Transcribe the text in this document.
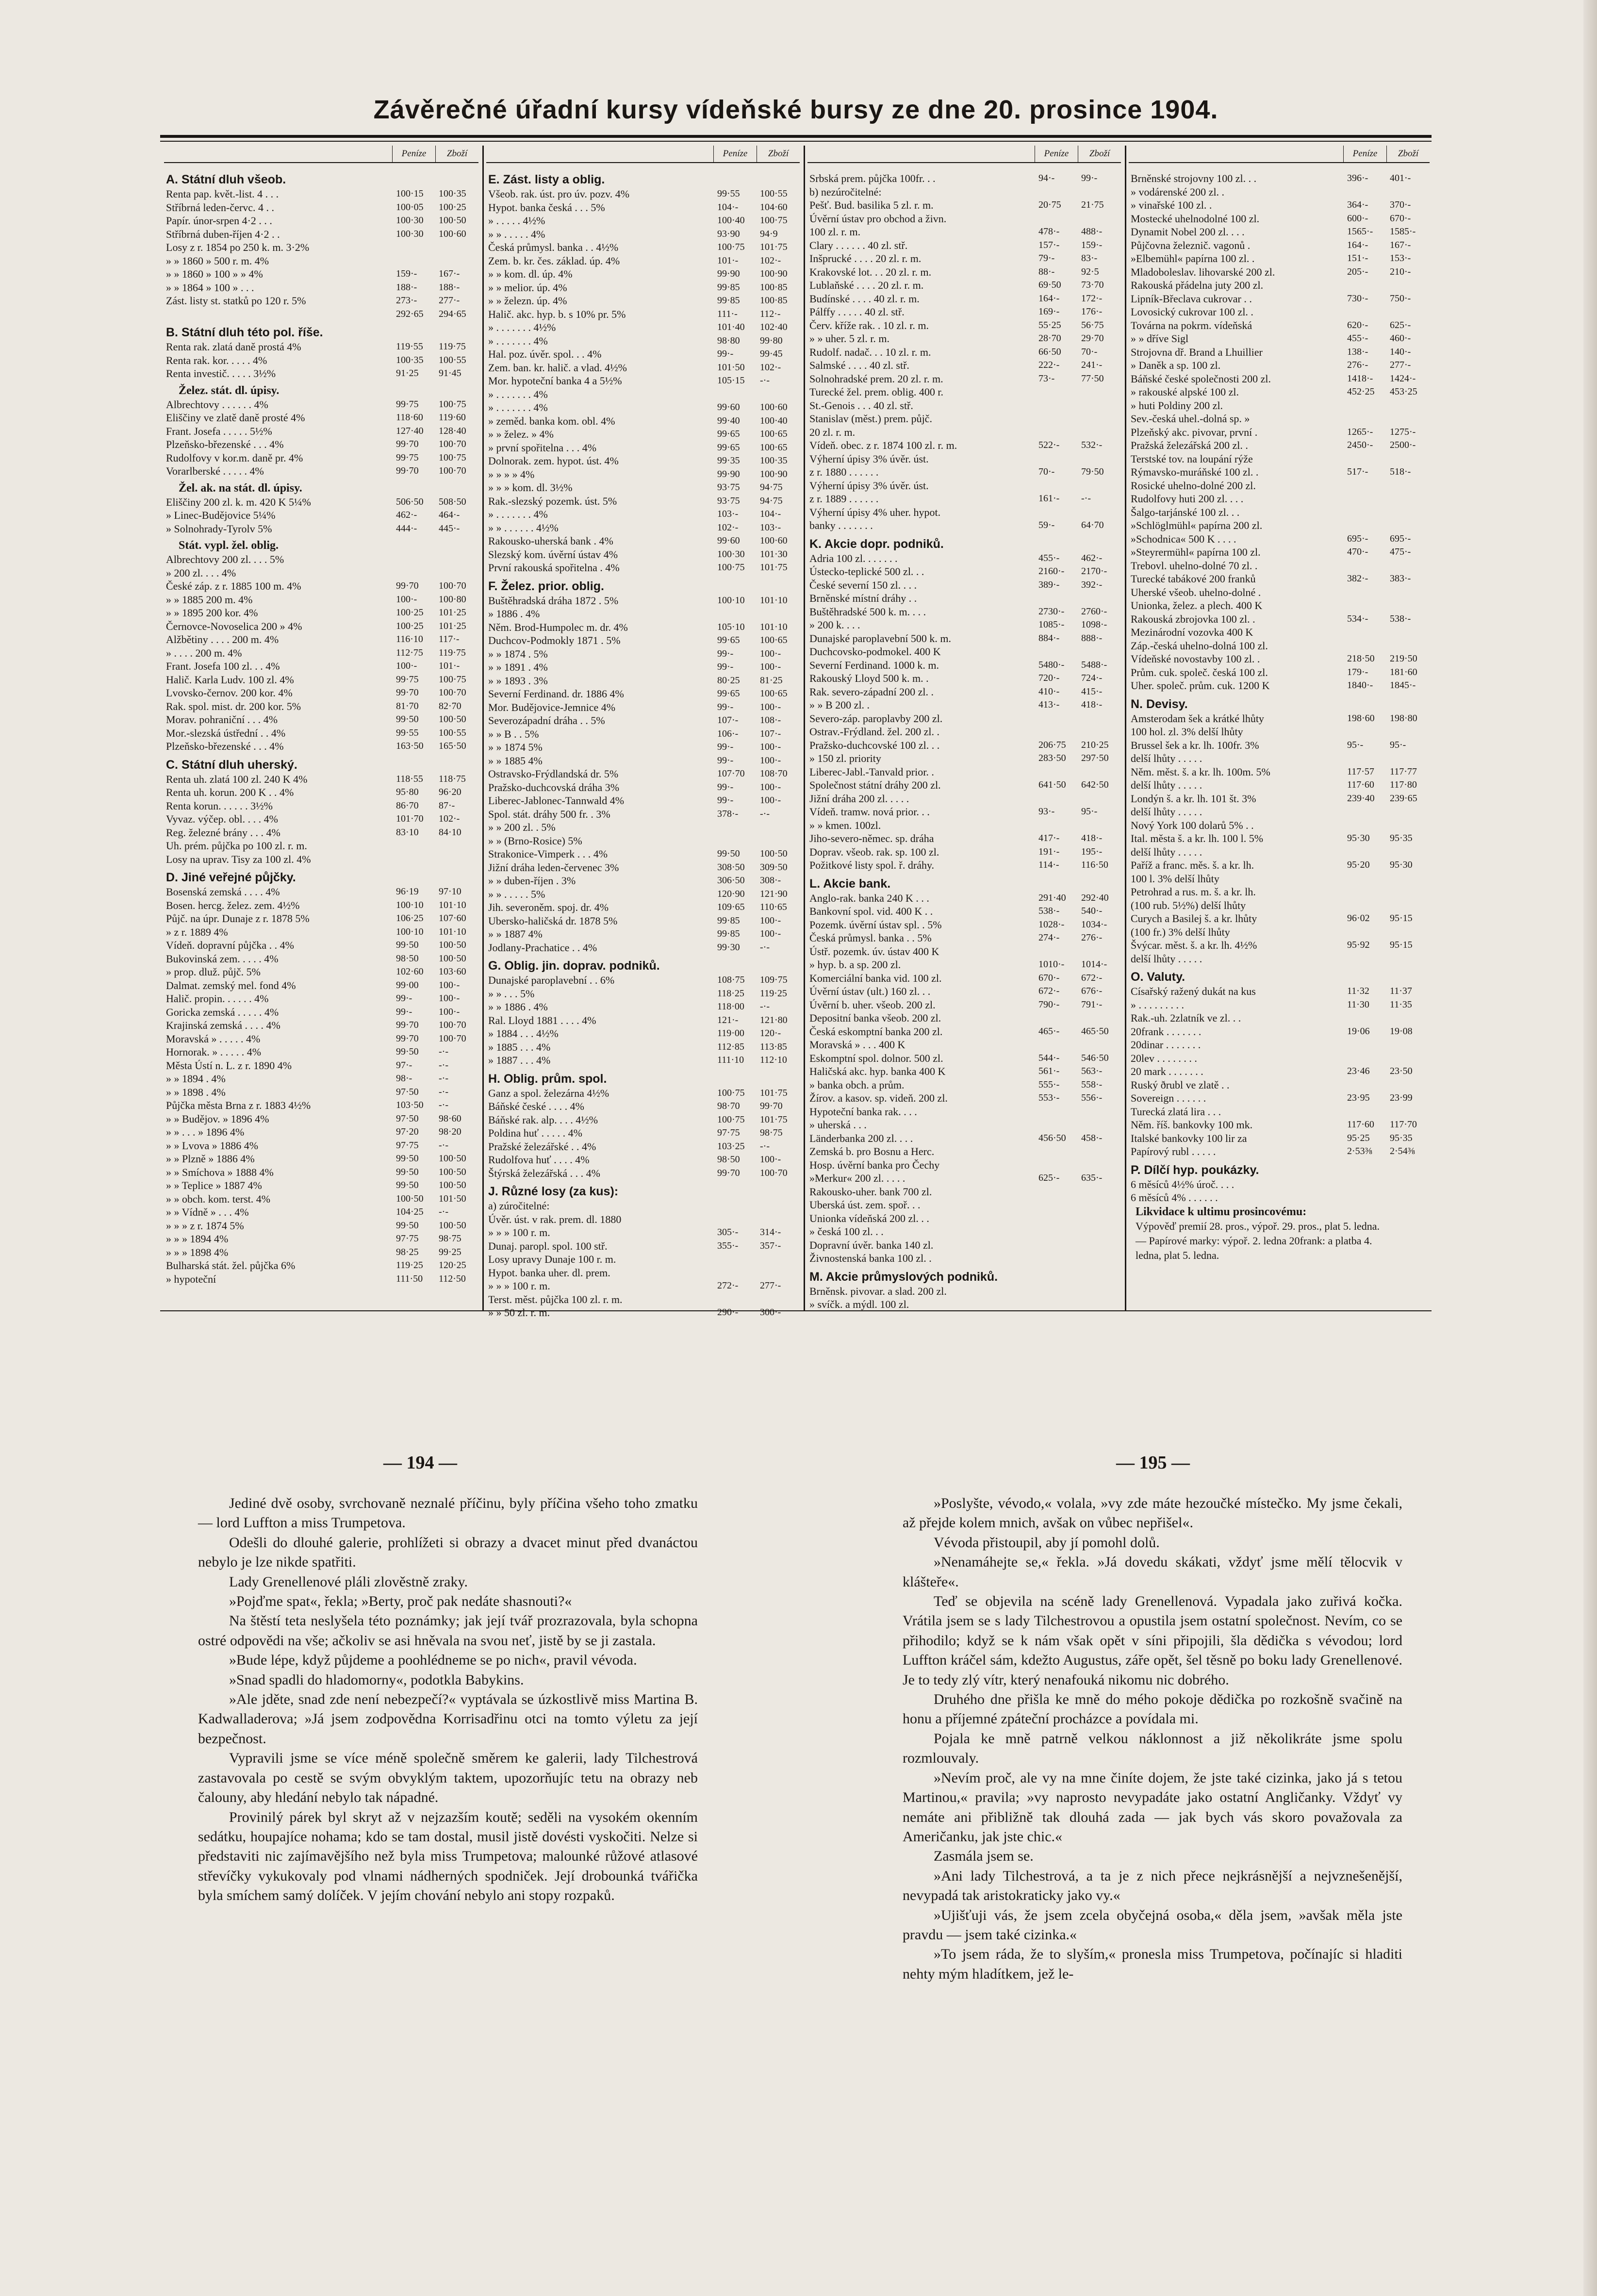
Závěrečné úřadní kursy vídeňské bursy ze dne 20. prosince 1904.
Peníze	Zboží
A. Státní dluh všeob.
Renta pap. květ.-list. 4 . . .	100·15	100·35
Stříbrná leden-červc. 4 . .	100·05	100·25
Papír. únor-srpen 4·2 . . .	100·30	100·50
Stříbrná duben-říjen 4·2 . .	100·30	100·60
Losy z r. 1854 po 250 k. m. 3·2%
» » 1860 » 500 r. m. 4%
» » 1860 » 100 » » 4%	159·-	167·-
» » 1864 » 100 » . . .	188·-	188·-
Zást. listy st. statků po 120 r. 5%	273·-	277·-
292·65	294·65
B. Státní dluh této pol. říše.
Renta rak. zlatá daně prostá 4%	119·55	119·75
Renta rak. kor. . . . . 4%	100·35	100·55
Renta investič. . . . . 3½%	91·25	91·45
Želez. stát. dl. úpisy.
Albrechtovy . . . . . . 4%	99·75	100·75
Eliščiny ve zlatě daně prosté 4%	118·60	119·60
Frant. Josefa . . . . . 5½%	127·40	128·40
Plzeňsko-březenské . . . 4%	99·70	100·70
Rudolfovy v kor.m. daně pr. 4%	99·75	100·75
Vorarlberské . . . . . 4%	99·70	100·70
Žel. ak. na stát. dl. úpisy.
Eliščiny 200 zl. k. m. 420 K 5¼%	506·50	508·50
» Linec-Budějovice 5¼%	462·-	464·-
» Solnohrady-Tyrolv 5%	444·-	445·-
Stát. vypl. žel. oblig.
Albrechtovy 200 zl. . . . 5%
» 200 zl. . . . 4%
České záp. z r. 1885 100 m. 4%	99·70	100·70
» » 1885 200 m. 4%	100·-	100·80
» » 1895 200 kor. 4%	100·25	101·25
Černovce-Novoselica 200 » 4%	100·25	101·25
Alžbětiny . . . . 200 m. 4%	116·10	117·-
» . . . . 200 m. 4%	112·75	119·75
Frant. Josefa 100 zl. . . 4%	100·-	101·-
Halič. Karla Ludv. 100 zl. 4%	99·75	100·75
Lvovsko-černov. 200 kor. 4%	99·70	100·70
Rak. spol. mist. dr. 200 kor. 5%	81·70	82·70
Morav. pohraniční . . . 4%	99·50	100·50
Mor.-slezská ústřední . . 4%	99·55	100·55
Plzeňsko-březenské . . . 4%	163·50	165·50
C. Státní dluh uherský.
Renta uh. zlatá 100 zl. 240 K 4%	118·55	118·75
Renta uh. korun. 200 K . . 4%	95·80	96·20
Renta korun. . . . . . 3½%	86·70	87·-
Vyvaz. výčep. obl. . . . 4%	101·70	102·-
Reg. železné brány . . . 4%	83·10	84·10
Uh. prém. půjčka po 100 zl. r. m.
Losy na uprav. Tisy za 100 zl. 4%
D. Jiné veřejné půjčky.
Bosenská zemská . . . . 4%	96·19	97·10
Bosen. hercg. želez. zem. 4½%	100·10	101·10
Půjč. na úpr. Dunaje z r. 1878 5%	106·25	107·60
» z r. 1889 4%	100·10	101·10
Vídeň. dopravní půjčka . . 4%	99·50	100·50
Bukovinská zem. . . . . 4%	98·50	100·50
» prop. dluž. půjč. 5%	102·60	103·60
Dalmat. zemský mel. fond 4%	99·00	100·-
Halič. propin. . . . . . 4%	99·-	100·-
Goricka zemská . . . . . 4%	99·-	100·-
Krajinská zemská . . . . 4%	99·70	100·70
Moravská » . . . . . 4%	99·70	100·70
Hornorak. » . . . . . 4%	99·50	-·-
Města Ústí n. L. z r. 1890 4%	97·-	-·-
» » 1894 . 4%	98·-	-·-
» » 1898 . 4%	97·50	-·-
Půjčka města Brna z r. 1883 4½%	103·50	-·-
» » Budějov. » 1896 4%	97·50	98·60
» » . . . » 1896 4%	97·20	98·20
» » Lvova » 1886 4%	97·75	-·-
» » Plzně » 1886 4%	99·50	100·50
» » Smíchova » 1888 4%	99·50	100·50
» » Teplice » 1887 4%	99·50	100·50
» » obch. kom. terst. 4%	100·50	101·50
» » Vídně » . . . 4%	104·25	-·-
» » » z r. 1874 5%	99·50	100·50
» » » 1894 4%	97·75	98·75
» » » 1898 4%	98·25	99·25
Bulharská stát. žel. půjčka 6%	119·25	120·25
» hypoteční	111·50	112·50
Peníze	Zboží
E. Zást. listy a oblig.
Všeob. rak. úst. pro úv. pozv. 4%	99·55	100·55
Hypot. banka česká . . . 5%	104·-	104·60
» . . . . . 4½%	100·40	100·75
» » . . . . . 4%	93·90	94·9
Česká průmysl. banka . . 4½%	100·75	101·75
Zem. b. kr. čes. základ. úp. 4%	101·-	102·-
» » kom. dl. úp. 4%	99·90	100·90
» » melior. úp. 4%	99·85	100·85
» » železn. úp. 4%	99·85	100·85
Halič. akc. hyp. b. s 10% pr. 5%	111·-	112·-
» . . . . . . . 4½%	101·40	102·40
» . . . . . . . 4%	98·80	99·80
Hal. poz. úvěr. spol. . . 4%	99·-	99·45
Zem. ban. kr. halič. a vlad. 4½%	101·50	102·-
Mor. hypoteční banka 4 a 5½%	105·15	-·-
» . . . . . . . 4%
» . . . . . . . 4%	99·60	100·60
» zeměd. banka kom. obl. 4%	99·40	100·40
» » želez. » 4%	99·65	100·65
» první spořitelna . . . 4%	99·65	100·65
Dolnorak. zem. hypot. úst. 4%	99·35	100·35
» » » » 4%	99·90	100·90
» » » kom. dl. 3½%	93·75	94·75
Rak.-slezský pozemk. úst. 5%	93·75	94·75
» . . . . . . . 4%	103·-	104·-
» » . . . . . . 4½%	102·-	103·-
Rakousko-uherská bank . 4%	99·60	100·60
Slezský kom. úvěrní ústav 4%	100·30	101·30
První rakouská spořitelna . 4%	100·75	101·75
F. Želez. prior. oblig.
Buštěhradská dráha 1872 . 5%	100·10	101·10
» 1886 . 4%
Něm. Brod-Humpolec m. dr. 4%	105·10	101·10
Duchcov-Podmokly 1871 . 5%	99·65	100·65
» » 1874 . 5%	99·-	100·-
» » 1891 . 4%	99·-	100·-
» » 1893 . 3%	80·25	81·25
Severní Ferdinand. dr. 1886 4%	99·65	100·65
Mor. Budějovice-Jemnice 4%	99·-	100·-
Severozápadní dráha . . 5%	107·-	108·-
» » B . . 5%	106·-	107·-
» » 1874 5%	99·-	100·-
» » 1885 4%	99·-	100·-
Ostravsko-Frýdlandská dr. 5%	107·70	108·70
Pražsko-duchcovská dráha 3%	99·-	100·-
Liberec-Jablonec-Tannwald 4%	99·-	100·-
Spol. stát. dráhy 500 fr. . 3%	378·-	-·-
» » 200 zl. . 5%
» » (Brno-Rosice) 5%
Strakonice-Vimperk . . . 4%	99·50	100·50
Jižní dráha leden-červenec 3%	308·50	309·50
» » duben-říjen . 3%	306·50	308·-
» » . . . . . 5%	120·90	121·90
Jih. severoněm. spoj. dr. 4%	109·65	110·65
Ubersko-haličská dr. 1878 5%	99·85	100·-
» » 1887 4%	99·85	100·-
Jodlany-Prachatice . . 4%	99·30	-·-
G. Oblig. jin. doprav. podniků.
Dunajské paroplavební . . 6%	108·75	109·75
» » . . . 5%	118·25	119·25
» » 1886 . 4%	118·00	-·-
Ral. Lloyd 1881 . . . . 4%	121·-	121·80
» 1884 . . . 4½%	119·00	120·-
» 1885 . . . 4%	112·85	113·85
» 1887 . . . 4%	111·10	112·10
H. Oblig. prům. spol.
Ganz a spol. železárna 4½%	100·75	101·75
Báňské české . . . . 4%	98·70	99·70
Báňské rak. alp. . . . 4½%	100·75	101·75
Poldina huť . . . . . 4%	97·75	98·75
Pražské železářské . . 4%	103·25	-·-
Rudolfova huť . . . . 4%	98·50	100·-
Štýrská železářská . . . 4%	99·70	100·70
J. Různé losy (za kus):
a) zúročitelné:
Úvěr. úst. v rak. prem. dl. 1880
» » » 100 r. m.	305·-	314·-
Dunaj. paropl. spol. 100 stř.	355·-	357·-
Losy upravy Dunaje 100 r. m.
Hypot. banka uher. dl. prem.
» » » 100 r. m.	272·-	277·-
Terst. měst. půjčka 100 zl. r. m.
» » 50 zl. r. m.	290·-	300·-
Peníze	Zboží
Srbská prem. půjčka 100fr. . .	94·-	99·-
b) nezúročitelné:
Pešť. Bud. basilika 5 zl. r. m.	20·75	21·75
Úvěrní ústav pro obchod a živn.
100 zl. r. m.	478·-	488·-
Clary . . . . . . 40 zl. stř.	157·-	159·-
Inšprucké . . . . 20 zl. r. m.	79·-	83·-
Krakovské lot. . . 20 zl. r. m.	88·-	92·5
Lublaňské . . . . 20 zl. r. m.	69·50	73·70
Budínské . . . . 40 zl. r. m.	164·-	172·-
Pálffy . . . . . 40 zl. stř.	169·-	176·-
Červ. kříže rak. . 10 zl. r. m.	55·25	56·75
» » uher. 5 zl. r. m.	28·70	29·70
Rudolf. nadač. . . 10 zl. r. m.	66·50	70·-
Salmské . . . . 40 zl. stř.	222·-	241·-
Solnohradské prem. 20 zl. r. m.	73·-	77·50
Turecké žel. prem. oblig. 400 r.
St.-Genois . . . 40 zl. stř.
Stanislav (měst.) prem. půjč.
20 zl. r. m.
Vídeň. obec. z r. 1874 100 zl. r. m.	522·-	532·-
Výherní úpisy 3% úvěr. úst.
z r. 1880 . . . . . .	70·-	79·50
Výherní úpisy 3% úvěr. úst.
z r. 1889 . . . . . .	161·-	-·-
Výherní úpisy 4% uher. hypot.
banky . . . . . . .	59·-	64·70
K. Akcie dopr. podniků.
Adria 100 zl. . . . . . .	455·-	462·-
Ústecko-teplické 500 zl. . .	2160·-	2170·-
České severní 150 zl. . . .	389·-	392·-
Brněnské místní dráhy . .
Buštěhradské 500 k. m. . . .	2730·-	2760·-
» 200 k. . . .	1085·-	1098·-
Dunajské paroplavební 500 k. m.	884·-	888·-
Duchcovsko-podmokel. 400 K
Severní Ferdinand. 1000 k. m.	5480·-	5488·-
Rakouský Lloyd 500 k. m. .	720·-	724·-
Rak. severo-západní 200 zl. .	410·-	415·-
» » B 200 zl. .	413·-	418·-
Severo-záp. paroplavby 200 zl.
Ostrav.-Frýdland. žel. 200 zl. .
Pražsko-duchcovské 100 zl. . .	206·75	210·25
» 150 zl. priority	283·50	297·50
Liberec-Jabl.-Tanvald prior. .
Společnost státní dráhy 200 zl.	641·50	642·50
Jižní dráha 200 zl. . . . .
Vídeň. tramw. nová prior. . .	93·-	95·-
» » kmen. 100zl.
Jiho-severo-němec. sp. dráha	417·-	418·-
Doprav. všeob. rak. sp. 100 zl.	191·-	195·-
Požitkové listy spol. ř. dráhy.	114·-	116·50
L. Akcie bank.
Anglo-rak. banka 240 K . . .	291·40	292·40
Bankovní spol. vid. 400 K . .	538·-	540·-
Pozemk. úvěrní ústav spl. . 5%	1028·-	1034·-
Česká průmysl. banka . . 5%	274·-	276·-
Ústř. pozemk. úv. ústav 400 K
» hyp. b. a sp. 200 zl.	1010·-	1014·-
Komerciální banka vid. 100 zl.	670·-	672·-
Úvěrní ústav (ult.) 160 zl. . .	672·-	676·-
Úvěrní b. uher. všeob. 200 zl.	790·-	791·-
Depositní banka všeob. 200 zl.
Česká eskomptní banka 200 zl.	465·-	465·50
Moravská » . . . 400 K
Eskomptní spol. dolnor. 500 zl.	544·-	546·50
Haličská akc. hyp. banka 400 K	561·-	563·-
» banka obch. a prům.	555·-	558·-
Žírov. a kasov. sp. videň. 200 zl.	553·-	556·-
Hypoteční banka rak. . . .
» uherská . . .
Länderbanka 200 zl. . . .	456·50	458·-
Zemská b. pro Bosnu a Herc.
Hosp. úvěrní banka pro Čechy
»Merkur« 200 zl. . . . .	625·-	635·-
Rakousko-uher. bank 700 zl.
Uberská úst. zem. spoř. . .
Unionka vídeňská 200 zl. . .
» česká 100 zl. . .
Dopravní úvěr. banka 140 zl.
Živnostenská banka 100 zl. .
M. Akcie průmyslových podniků.
Brněnsk. pivovar. a slad. 200 zl.
» svíčk. a mýdl. 100 zl.
Peníze	Zboží
Brněnské strojovny 100 zl. . .	396·-	401·-
» vodárenské 200 zl. .
» vinařské 100 zl. .	364·-	370·-
Mostecké uhelnodolné 100 zl.	600·-	670·-
Dynamit Nobel 200 zl. . . .	1565·-	1585·-
Půjčovna železnič. vagonů .	164·-	167·-
»Elbemühl« papírna 100 zl. .	151·-	153·-
Mladoboleslav. lihovarské 200 zl.	205·-	210·-
Rakouská přádelna juty 200 zl.
Lipník-Břeclava cukrovar . .	730·-	750·-
Lovosický cukrovar 100 zl. .
Továrna na pokrm. vídeňská	620·-	625·-
» » dříve Sigl	455·-	460·-
Strojovna dř. Brand a Lhuillier	138·-	140·-
» Daněk a sp. 100 zl.	276·-	277·-
Báňské české společnosti 200 zl.	1418·-	1424·-
» rakouské alpské 100 zl.	452·25	453·25
» huti Poldiny 200 zl.
Sev.-česká uhel.-dolná sp. »
Plzeňský akc. pivovar, první .	1265·-	1275·-
Pražská železářská 200 zl. .	2450·-	2500·-
Terstské tov. na loupání rýže
Rýmavsko-muráňské 100 zl. .	517·-	518·-
Rosické uhelno-dolné 200 zl.
Rudolfovy huti 200 zl. . . .
Šalgo-tarjánské 100 zl. . .
»Schlöglmühl« papírna 200 zl.
»Schodnica« 500 K . . . .	695·-	695·-
»Steyrermühl« papírna 100 zl.	470·-	475·-
Trebovl. uhelno-dolné 70 zl. .
Turecké tabákové 200 franků	382·-	383·-
Uherské všeob. uhelno-dolné .
Unionka, želez. a plech. 400 K
Rakouská zbrojovka 100 zl. .	534·-	538·-
Mezinárodní vozovka 400 K
Záp.-česká uhelno-dolná 100 zl.
Vídeňské novostavby 100 zl. .	218·50	219·50
Prům. cuk. společ. česká 100 zl.	179·-	181·60
Uher. společ. prům. cuk. 1200 K	1840·-	1845·-
N. Devisy.
Amsterodam šek a krátké lhůty	198·60	198·80
100 hol. zl. 3% delší lhůty
Brussel šek a kr. lh. 100fr. 3%	95·-	95·-
delší lhůty . . . . .
Něm. měst. š. a kr. lh. 100m. 5%	117·57	117·77
delší lhůty . . . . .	117·60	117·80
Londýn š. a kr. lh. 101 št. 3%	239·40	239·65
delší lhůty . . . . .
Nový York 100 dolarů 5% . .
Ital. města š. a kr. lh. 100 l. 5%	95·30	95·35
delší lhůty . . . . .
Paříž a franc. měs. š. a kr. lh.	95·20	95·30
100 l. 3% delší lhůty
Petrohrad a rus. m. š. a kr. lh.
(100 rub. 5½%) delší lhůty
Curych a Basilej š. a kr. lhůty	96·02	95·15
(100 fr.) 3% delší lhůty
Švýcar. měst. š. a kr. lh. 4½%	95·92	95·15
delší lhůty . . . . .
O. Valuty.
Císařský ražený dukát na kus	11·32	11·37
» . . . . . . . . .	11·30	11·35
Rak.-uh. 2zlatník ve zl. . .
20frank . . . . . . .	19·06	19·08
20dinar . . . . . . .
20lev . . . . . . . .
20 mark . . . . . . .	23·46	23·50
Ruský ðrubl ve zlatě . .
Sovereign . . . . . .	23·95	23·99
Turecká zlatá lira . . .
Něm. říš. bankovky 100 mk.	117·60	117·70
Italské bankovky 100 lir za	95·25	95·35
Papírový rubl . . . . .	2·53⅜	2·54⅜
P. Dílčí hyp. poukázky.
6 měsíců 4½% úroč. . . .
6 měsíců 4% . . . . . .
Likvidace k ultimu prosincovému:
Výpověď premií 28. pros., výpoř. 29. pros., plat 5. ledna.
— Papírové marky: výpoř. 2. ledna 20frank: a platba 4.
ledna, plat 5. ledna.
— 194 —	— 195 —

Jediné dvě osoby, svrchovaně neznalé příčinu, byly příčina všeho toho zmatku — lord Luffton a miss Trumpetova.

Odešli do dlouhé galerie, prohlížeti si obrazy a dvacet minut před dvanáctou nebylo je lze nikde spatřiti.

Lady Grenellenové pláli zlověstně zraky.

»Pojďme spat«, řekla; »Berty, proč pak nedáte shasnouti?«

Na štěstí teta neslyšela této poznámky; jak její tvář prozrazovala, byla schopna ostré odpovědi na vše; ačkoliv se asi hněvala na svou neť, jistě by se ji zastala.

»Bude lépe, když půjdeme a poohlédneme se po nich«, pravil vévoda.

»Snad spadli do hladomorny«, podotkla Babykins.

»Ale jděte, snad zde není nebezpečí?« vyptávala se úzkostlivě miss Martina B. Kadwalladerova; »Já jsem zodpovědna Korrisadřinu otci na tomto výletu za její bezpečnost.

Vypravili jsme se více méně společně směrem ke galerii, lady Tilchestrová zastavovala po cestě se svým obvyklým taktem, upozorňujíc tetu na obrazy neb čalouny, aby hledání nebylo tak nápadné.

Provinilý párek byl skryt až v nejzazším koutě; seděli na vysokém okenním sedátku, houpajíce nohama; kdo se tam dostal, musil jistě dovésti vyskočiti. Nelze si představiti nic zajímavějšího než byla miss Trumpetova; malounké růžové atlasové střevíčky vykukovaly pod vlnami nádherných spodniček. Její drobounká tvářička byla smíchem samý dolíček. V jejím chování nebylo ani stopy rozpaků.

»Poslyšte, vévodo,« volala, »vy zde máte hezoučké místečko. My jsme čekali, až přejde kolem mnich, avšak on vůbec nepřišel«.

Vévoda přistoupil, aby jí pomohl dolů.

»Nenamáhejte se,« řekla. »Já dovedu skákati, vždyť jsme mělí tělocvik v klášteře«.

Teď se objevila na scéně lady Grenellenová. Vypadala jako zuřivá kočka. Vrátila jsem se s lady Tilchestrovou a opustila jsem ostatní společnost. Nevím, co se přihodilo; když se k nám však opět v síni připojili, šla dědička s vévodou; lord Luffton kráčel sám, kdežto Augustus, záře opět, šel těsně po boku lady Grenellenové. Je to tedy zlý vítr, který nenafouká nikomu nic dobrého.

Druhého dne přišla ke mně do mého pokoje dědička po rozkošně svačině na honu a příjemné zpáteční procházce a povídala mi.

Pojala ke mně patrně velkou náklonnost a již několikráte jsme spolu rozmlouvaly.

»Nevím proč, ale vy na mne činíte dojem, že jste také cizinka, jako já s tetou Martinou,« pravila; »vy naprosto nevypadáte jako ostatní Angličanky. Vždyť vy nemáte ani přibližně tak dlouhá zada — jak bych vás skoro považovala za Američanku, jak jste chic.«

Zasmála jsem se.

»Ani lady Tilchestrová, a ta je z nich přece nejkrásnější a nejvznešenější, nevypadá tak aristokraticky jako vy.«

»Ujišťuji vás, že jsem zcela obyčejná osoba,« děla jsem, »avšak měla jste pravdu — jsem také cizinka.«

»To jsem ráda, že to slyším,« pronesla miss Trumpetova, počínajíc si hladiti nehty mým hladítkem, jež le-
